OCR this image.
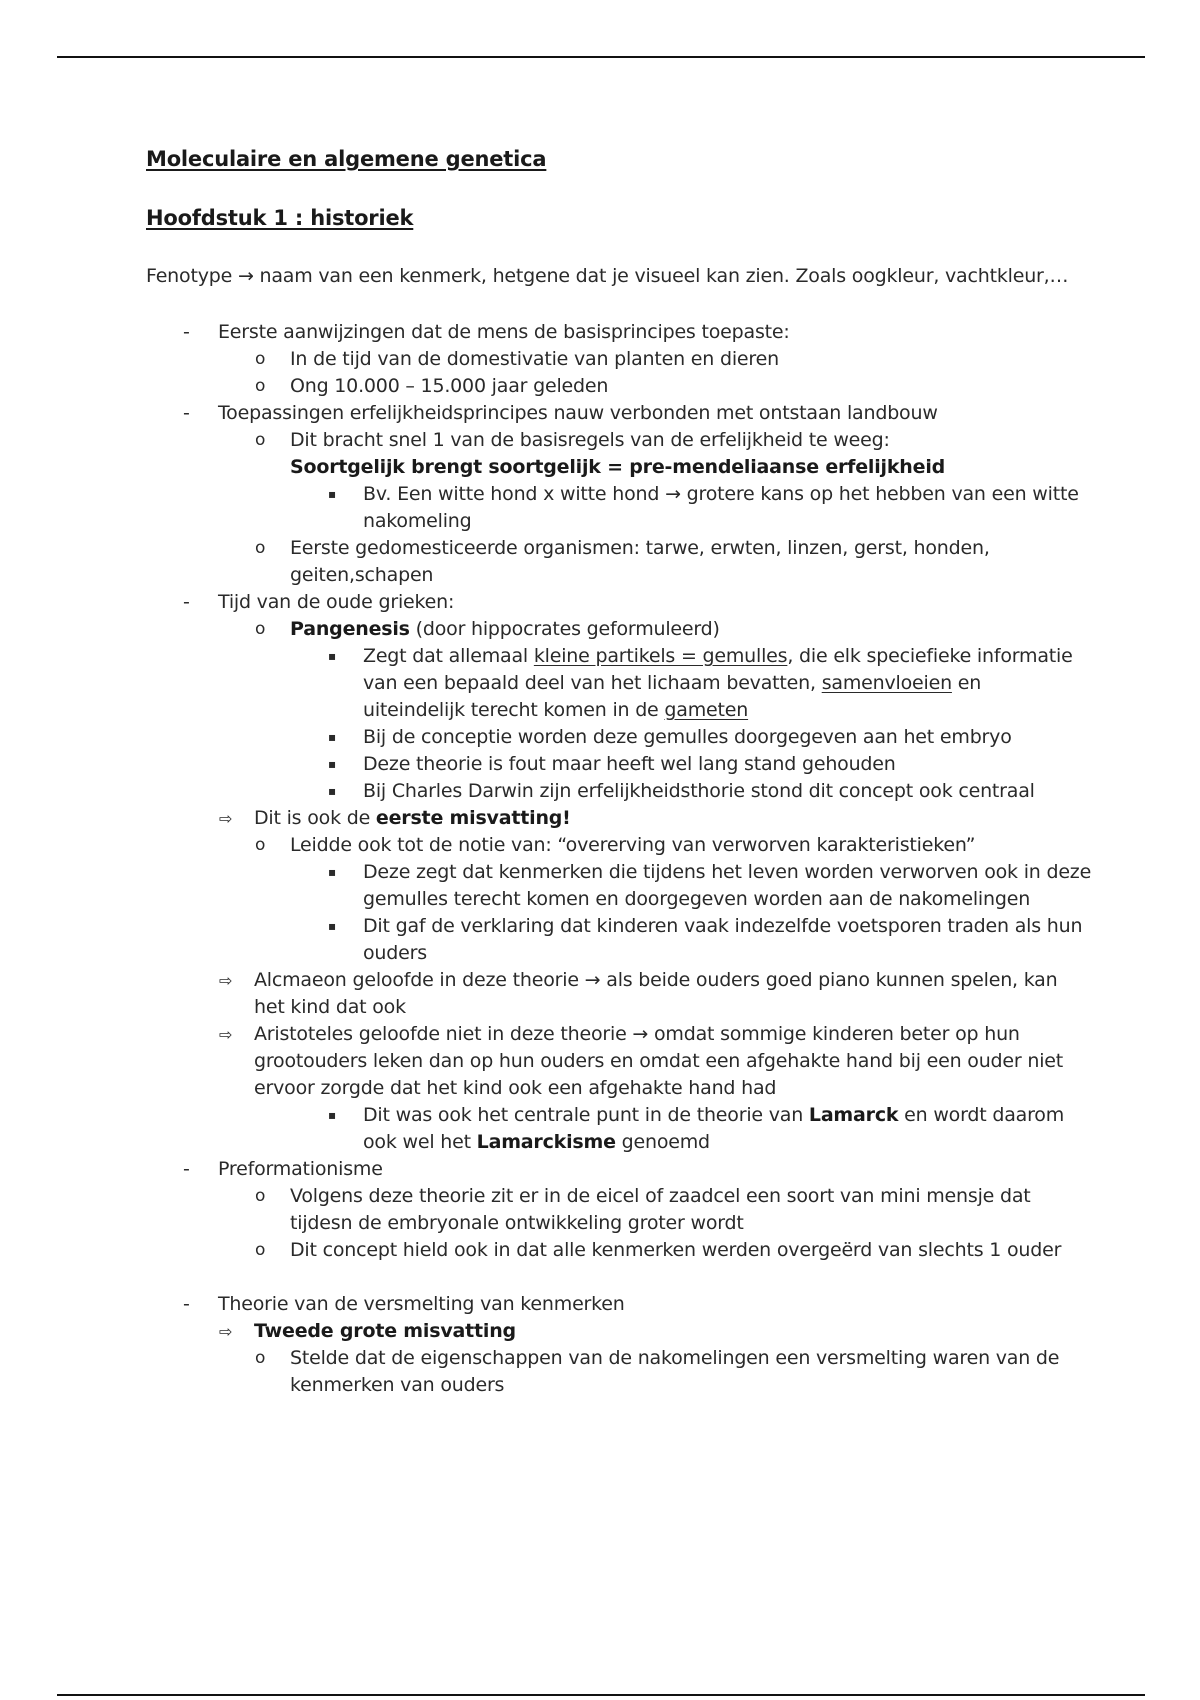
Moleculaire en algemene genetica
Hoofdstuk 1 : historiek
Fenotype → naam van een kenmerk, hetgene dat je visueel kan zien. Zoals oogkleur, vachtkleur,…
- Eerste aanwijzingen dat de mens de basisprincipes toepaste:
o In de tijd van de domestivatie van planten en dieren
o Ong 10.000 – 15.000 jaar geleden
- Toepassingen erfelijkheidsprincipes nauw verbonden met ontstaan landbouw
o Dit bracht snel 1 van de basisregels van de erfelijkheid te weeg:
Soortgelijk brengt soortgelijk = pre-mendeliaanse erfelijkheid
▪ Bv. Een witte hond x witte hond → grotere kans op het hebben van een witte
nakomeling
o Eerste gedomesticeerde organismen: tarwe, erwten, linzen, gerst, honden,
geiten,schapen
- Tijd van de oude grieken:
o Pangenesis (door hippocrates geformuleerd)
▪ Zegt dat allemaal kleine partikels = gemulles, die elk speciefieke informatie
van een bepaald deel van het lichaam bevatten, samenvloeien en
uiteindelijk terecht komen in de gameten
▪ Bij de conceptie worden deze gemulles doorgegeven aan het embryo
▪ Deze theorie is fout maar heeft wel lang stand gehouden
▪ Bij Charles Darwin zijn erfelijkheidsthorie stond dit concept ook centraal
⇨ Dit is ook de eerste misvatting!
o Leidde ook tot de notie van: “overerving van verworven karakteristieken”
▪ Deze zegt dat kenmerken die tijdens het leven worden verworven ook in deze
gemulles terecht komen en doorgegeven worden aan de nakomelingen
▪ Dit gaf de verklaring dat kinderen vaak indezelfde voetsporen traden als hun
ouders
⇨ Alcmaeon geloofde in deze theorie → als beide ouders goed piano kunnen spelen, kan
het kind dat ook
⇨ Aristoteles geloofde niet in deze theorie → omdat sommige kinderen beter op hun
grootouders leken dan op hun ouders en omdat een afgehakte hand bij een ouder niet
ervoor zorgde dat het kind ook een afgehakte hand had
▪ Dit was ook het centrale punt in de theorie van Lamarck en wordt daarom
ook wel het Lamarckisme genoemd
- Preformationisme
o Volgens deze theorie zit er in de eicel of zaadcel een soort van mini mensje dat
tijdesn de embryonale ontwikkeling groter wordt
o Dit concept hield ook in dat alle kenmerken werden overgeërd van slechts 1 ouder
- Theorie van de versmelting van kenmerken
⇨ Tweede grote misvatting
o Stelde dat de eigenschappen van de nakomelingen een versmelting waren van de
kenmerken van ouders
